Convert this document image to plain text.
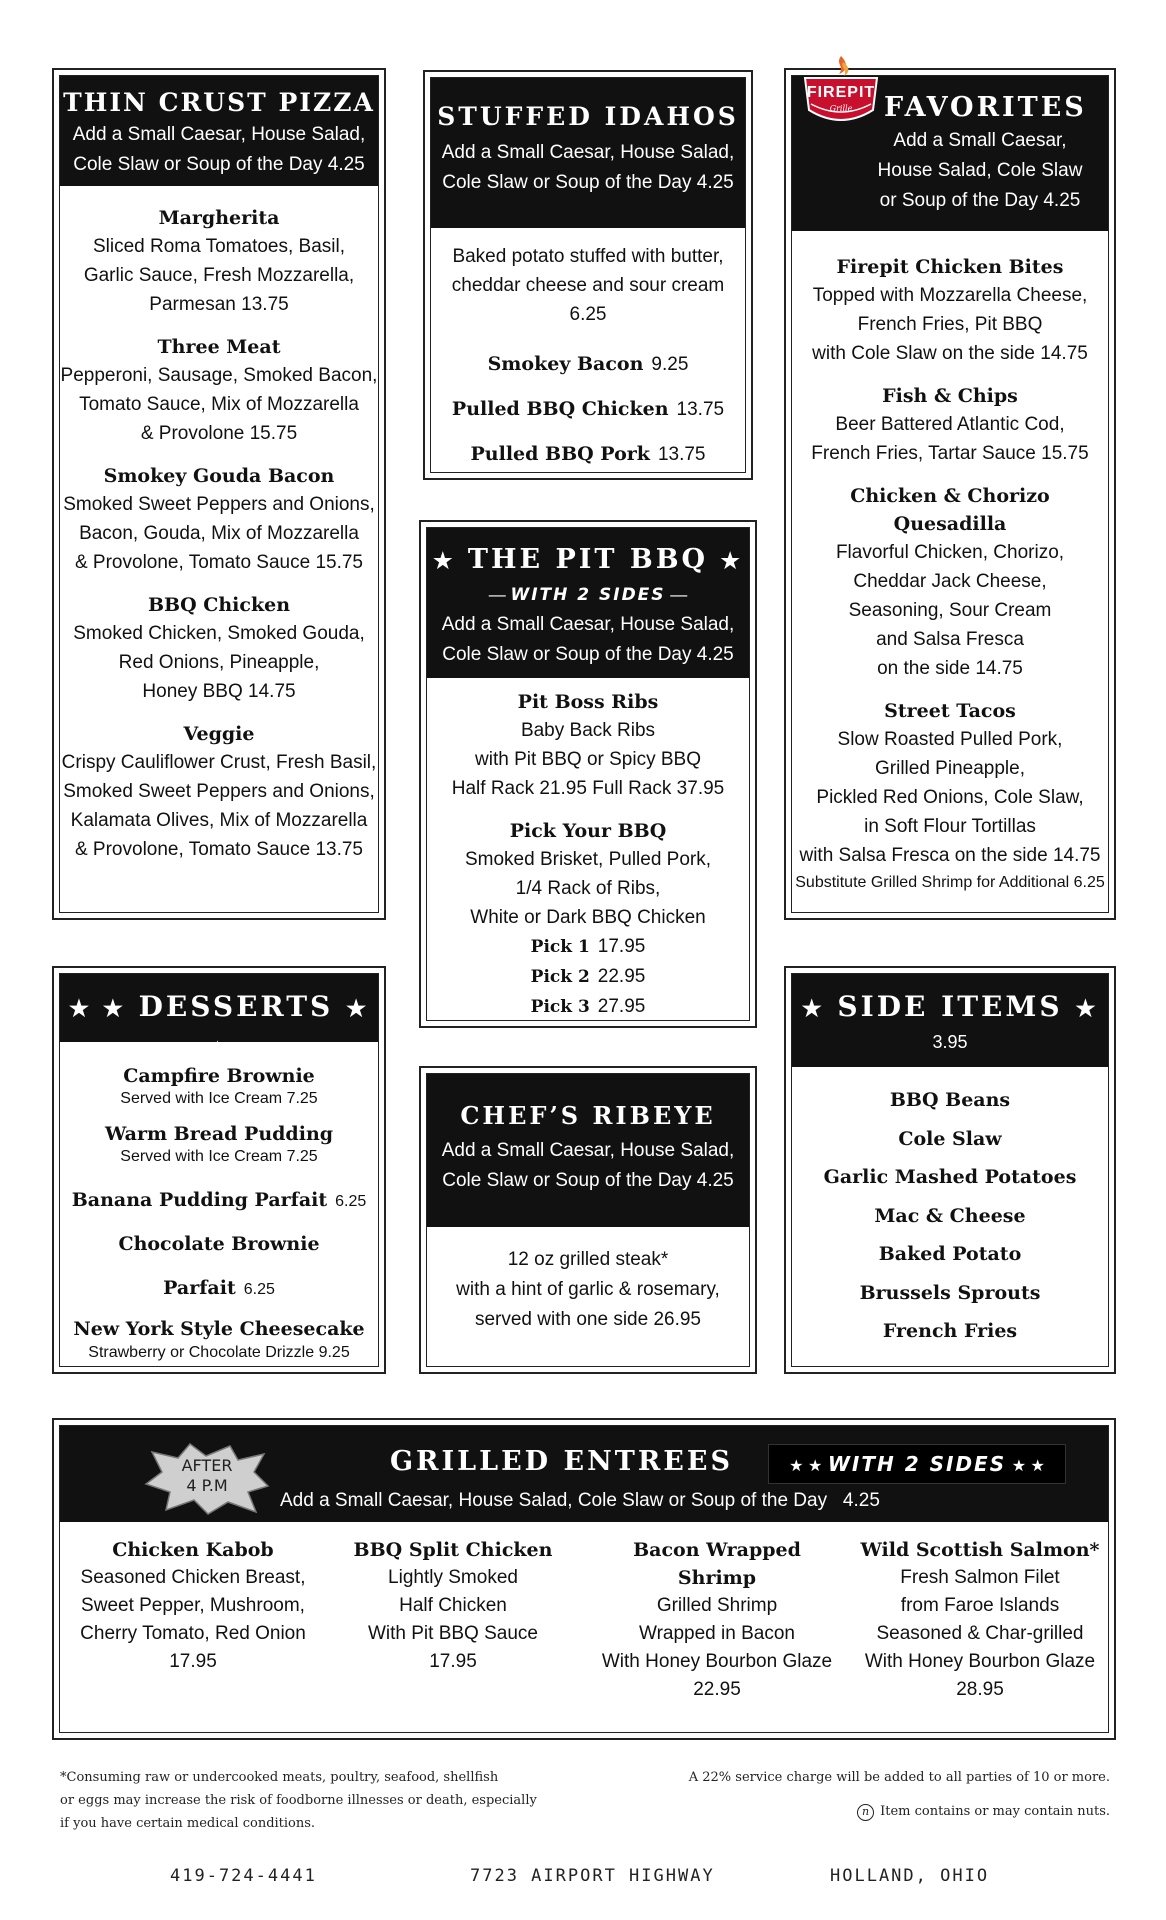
THIN CRUST PIZZA
Add a Small Caesar, House Salad,
Cole Slaw or Soup of the Day 4.25
Margherita
Sliced Roma Tomatoes, Basil,
Garlic Sauce, Fresh Mozzarella,
Parmesan 13.75
Three Meat
Pepperoni, Sausage, Smoked Bacon,
Tomato Sauce, Mix of Mozzarella
& Provolone 15.75
Smokey Gouda Bacon
Smoked Sweet Peppers and Onions,
Bacon, Gouda, Mix of Mozzarella
& Provolone, Tomato Sauce 15.75
BBQ Chicken
Smoked Chicken, Smoked Gouda,
Red Onions, Pineapple,
Honey BBQ 14.75
Veggie
Crispy Cauliflower Crust, Fresh Basil,
Smoked Sweet Peppers and Onions,
Kalamata Olives, Mix of Mozzarella
& Provolone, Tomato Sauce 13.75
STUFFED IDAHOS
Add a Small Caesar, House Salad,
Cole Slaw or Soup of the Day 4.25
Baked potato stuffed with butter,
cheddar cheese and sour cream 6.25
Smokey Bacon 9.25
Pulled BBQ Chicken 13.75
Pulled BBQ Pork 13.75
FAVORITES
Add a Small Caesar,
House Salad, Cole Slaw
or Soup of the Day 4.25
Firepit Chicken Bites
Topped with Mozzarella Cheese,
French Fries, Pit BBQ
with Cole Slaw on the side 14.75
Fish & Chips
Beer Battered Atlantic Cod,
French Fries, Tartar Sauce 15.75
Chicken & Chorizo Quesadilla
Flavorful Chicken, Chorizo,
Cheddar Jack Cheese,
Seasoning, Sour Cream
and Salsa Fresca
on the side 14.75
Street Tacos
Slow Roasted Pulled Pork,
Grilled Pineapple,
Pickled Red Onions, Cole Slaw,
in Soft Flour Tortillas
with Salsa Fresca on the side 14.75
Substitute Grilled Shrimp for Additional 6.25
FIREPIT
Grille
★ THE PIT BBQ ★
— WITH 2 SIDES —
Add a Small Caesar, House Salad,
Cole Slaw or Soup of the Day 4.25
Pit Boss Ribs
Baby Back Ribs
with Pit BBQ or Spicy BBQ
Half Rack 21.95 Full Rack 37.95
Pick Your BBQ
Smoked Brisket, Pulled Pork,
1/4 Rack of Ribs,
White or Dark BBQ Chicken
Pick 1 17.95
Pick 2 22.95
Pick 3 27.95
★ ★ DESSERTS ★ ★
Campfire Brownie
Served with Ice Cream 7.25
Warm Bread Pudding
Served with Ice Cream 7.25
Banana Pudding Parfait 6.25
Chocolate Brownie Parfait 6.25
New York Style Cheesecake
Strawberry or Chocolate Drizzle 9.25
CHEF’S RIBEYE
Add a Small Caesar, House Salad,
Cole Slaw or Soup of the Day 4.25
12 oz grilled steak*
with a hint of garlic & rosemary,
served with one side 26.95
★ SIDE ITEMS ★
3.95
BBQ Beans
Cole Slaw
Garlic Mashed Potatoes
Mac & Cheese
Baked Potato
Brussels Sprouts
French Fries
AFTER
4 P.M
GRILLED ENTREES	★ ★ WITH 2 SIDES ★ ★
Add a Small Caesar, House Salad, Cole Slaw or Soup of the Day   4.25
Chicken Kabob
Seasoned Chicken Breast,
Sweet Pepper, Mushroom,
Cherry Tomato, Red Onion
17.95
BBQ Split Chicken
Lightly Smoked
Half Chicken
With Pit BBQ Sauce
17.95
Bacon Wrapped Shrimp
Grilled Shrimp
Wrapped in Bacon
With Honey Bourbon Glaze
22.95
Wild Scottish Salmon*
Fresh Salmon Filet
from Faroe Islands
Seasoned & Char-grilled
With Honey Bourbon Glaze
28.95
*Consuming raw or undercooked meats, poultry, seafood, shellfish
or eggs may increase the risk of foodborne illnesses or death, especially
if you have certain medical conditions.
A 22% service charge will be added to all parties of 10 or more.
n Item contains or may contain nuts.
419-724-4441	7723 AIRPORT HIGHWAY	HOLLAND, OHIO
